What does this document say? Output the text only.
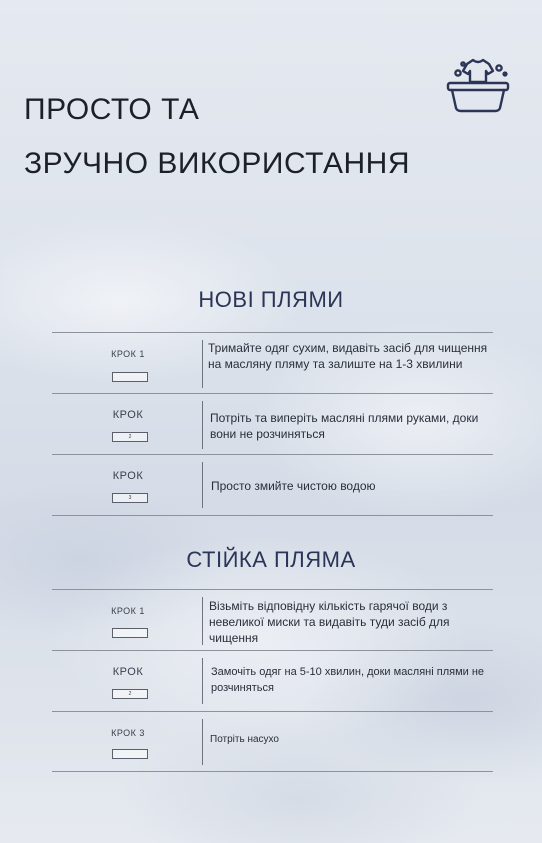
ПРОСТО ТА
ЗРУЧНО ВИКОРИСТАННЯ
НОВІ ПЛЯМИ
КРОК 1	Тримайте одяг сухим, видавіть засіб для чищення на масляну пляму та залиште на 1-3 хвилини

КРОК
2

Потріть та виперіть масляні плями руками, доки вони не розчиняться

КРОК
3

Просто змийте чистою водою

СТІЙКА ПЛЯМА
КРОК 1	Візьміть відповідну кількість гарячої води з невеликої миски та видавіть туди засіб для чищення

КРОК
2

Замочіть одяг на 5-10 хвилин, доки масляні плями не розчиняться

КРОК 3

Потріть насухо
